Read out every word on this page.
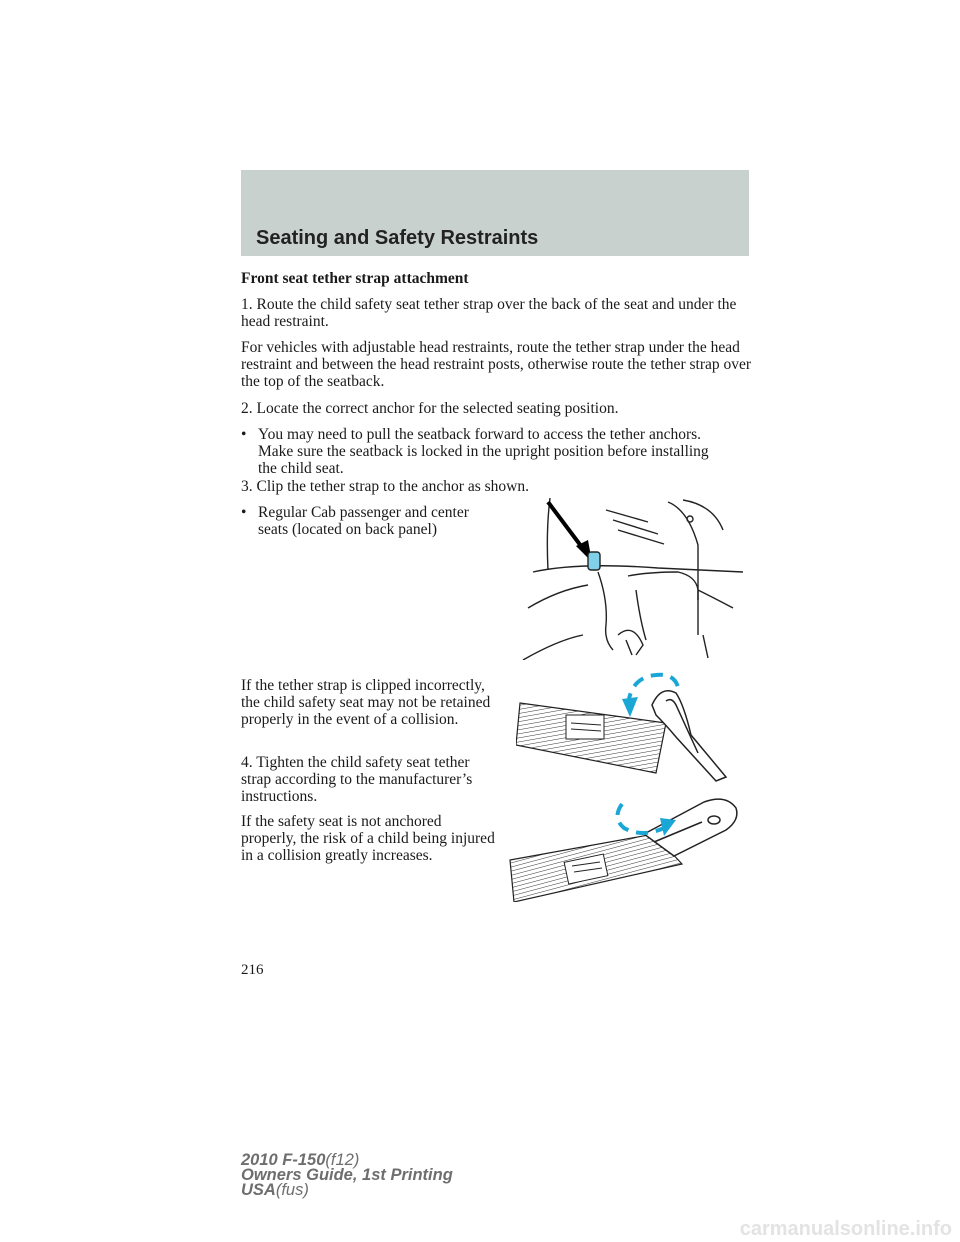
Seating and Safety Restraints

Front seat tether strap attachment

1. Route the child safety seat tether strap over the back of the seat and under the head restraint.

For vehicles with adjustable head restraints, route the tether strap under the head restraint and between the head restraint posts, otherwise route the tether strap over the top of the seatback.

2. Locate the correct anchor for the selected seating position.

• You may need to pull the seatback forward to access the tether anchors. Make sure the seatback is locked in the upright position before installing the child seat.

3. Clip the tether strap to the anchor as shown.

• Regular Cab passenger and center seats (located on back panel)

If the tether strap is clipped incorrectly, the child safety seat may not be retained properly in the event of a collision.

4. Tighten the child safety seat tether strap according to the manufacturer’s instructions.

If the safety seat is not anchored properly, the risk of a child being injured in a collision greatly increases.

216
2010 F-150(f12)
Owners Guide, 1st Printing
USA(fus)
carmanualsonline.info
